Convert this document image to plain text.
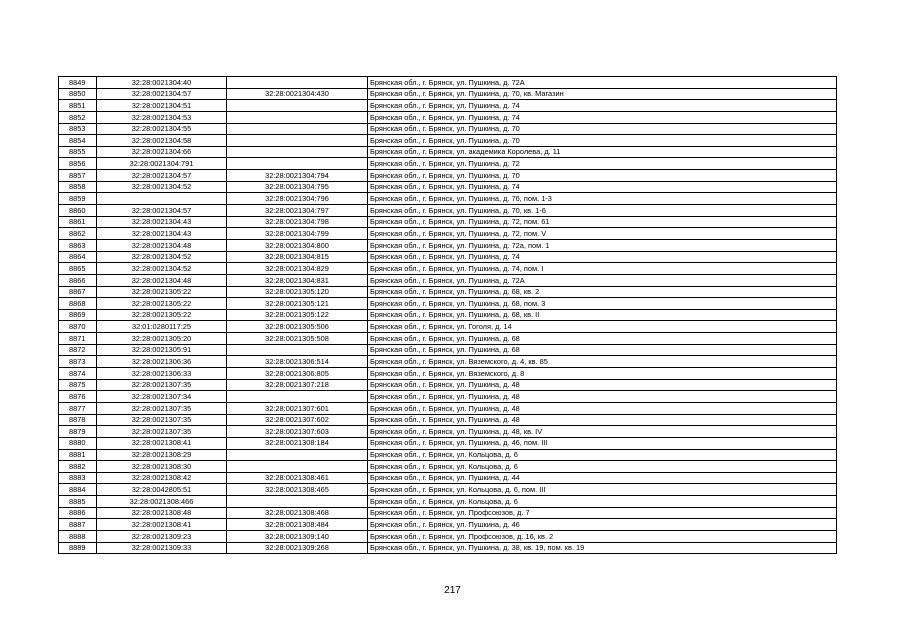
8849	32:28:0021304:40		Брянская обл., г. Брянск, ул. Пушкина, д. 72А
8850	32:28:0021304:57	32:28:0021304:430	Брянская обл., г. Брянск, ул. Пушкина, д. 70, кв. Магазин
8851	32:28:0021304:51		Брянская обл., г. Брянск, ул. Пушкина, д. 74
8852	32:28:0021304:53		Брянская обл., г. Брянск, ул. Пушкина, д. 74
8853	32:28:0021304:55		Брянская обл., г. Брянск, ул. Пушкина, д. 70
8854	32:28:0021304:58		Брянская обл., г. Брянск, ул. Пушкина, д. 70
8855	32:28:0021304:66		Брянская обл., г. Брянск, ул. академика Королева, д. 11
8856	32:28:0021304:791		Брянская обл., г. Брянск, ул. Пушкина, д. 72
8857	32:28:0021304:57	32:28:0021304:794	Брянская обл., г. Брянск, ул. Пушкина, д. 70
8858	32:28:0021304:52	32:28:0021304:795	Брянская обл., г. Брянск, ул. Пушкина, д. 74
8859		32:28:0021304:796	Брянская обл., г. Брянск, ул. Пушкина, д. 76, пом. 1-3
8860	32:28:0021304:57	32:28:0021304:797	Брянская обл., г. Брянск, ул. Пушкина, д. 70, кв. 1-6
8861	32:28:0021304:43	32:28:0021304:798	Брянская обл., г. Брянск, ул. Пушкина, д. 72, пом. 61
8862	32:28:0021304:43	32:28:0021304:799	Брянская обл., г. Брянск, ул. Пушкина, д. 72, пом. V
8863	32:28:0021304:48	32:28:0021304:800	Брянская обл., г. Брянск, ул. Пушкина, д. 72а, пом. 1
8864	32:28:0021304:52	32:28:0021304:815	Брянская обл., г. Брянск, ул. Пушкина, д. 74
8865	32:28:0021304:52	32:28:0021304:829	Брянская обл., г. Брянск, ул. Пушкина, д. 74, пом. I
8866	32:28:0021304:48	32:28:0021304:831	Брянская обл., г. Брянск, ул. Пушкина, д. 72А
8867	32:28:0021305:22	32:28:0021305:120	Брянская обл., г. Брянск, ул. Пушкина, д. 68, кв. 2
8868	32:28:0021305:22	32:28:0021305:121	Брянская обл., г. Брянск, ул. Пушкина, д. 68, пом. 3
8869	32:28:0021305:22	32:28:0021305:122	Брянская обл., г. Брянск, ул. Пушкина, д. 68, кв. II
8870	32:01:0280117:25	32:28:0021305:506	Брянская обл., г. Брянск, ул. Гоголя, д. 14
8871	32:28:0021305:20	32:28:0021305:508	Брянская обл., г. Брянск, ул. Пушкина, д. 68
8872	32:28:0021305:91		Брянская обл., г. Брянск, ул. Пушкина, д. 68
8873	32:28:0021306:36	32:28:0021306:514	Брянская обл., г. Брянск, ул. Вяземского, д. 4, кв. 85
8874	32:28:0021306:33	32:28:0021306:805	Брянская обл., г. Брянск, ул. Вяземского, д. 8
8875	32:28:0021307:35	32:28:0021307:218	Брянская обл., г. Брянск, ул. Пушкина, д. 48
8876	32:28:0021307:34		Брянская обл., г. Брянск, ул. Пушкина, д. 48
8877	32:28:0021307:35	32:28:0021307:601	Брянская обл., г. Брянск, ул. Пушкина, д. 48
8878	32:28:0021307:35	32:28:0021307:602	Брянская обл., г. Брянск, ул. Пушкина, д. 48
8879	32:28:0021307:35	32:28:0021307:603	Брянская обл., г. Брянск, ул. Пушкина, д. 48, кв. IV
8880	32:28:0021308:41	32:28:0021308:184	Брянская обл., г. Брянск, ул. Пушкина, д. 46, пом. III
8881	32:28:0021308:29		Брянская обл., г. Брянск, ул. Кольцова, д. 6
8882	32:28:0021308:30		Брянская обл., г. Брянск, ул. Кольцова, д. 6
8883	32:28:0021308:42	32:28:0021308:461	Брянская обл., г. Брянск, ул. Пушкина, д. 44
8884	32:28:0042805:51	32:28:0021308:465	Брянская обл., г. Брянск, ул. Кольцова, д. 6, пом. III
8885	32:28:0021308:466		Брянская обл., г. Брянск, ул. Кольцова, д. 6
8886	32:28:0021308:48	32:28:0021308:468	Брянская обл., г. Брянск, ул. Профсоюзов, д. 7
8887	32:28:0021308:41	32:28:0021308:484	Брянская обл., г. Брянск, ул. Пушкина, д. 46
8888	32:28:0021309:23	32:28:0021309:140	Брянская обл., г. Брянск, ул. Профсоюзов, д. 16, кв. 2
8889	32:28:0021309:33	32:28:0021309:268	Брянская обл., г. Брянск, ул. Пушкина, д. 38, кв. 19, пом. кв. 19
217
